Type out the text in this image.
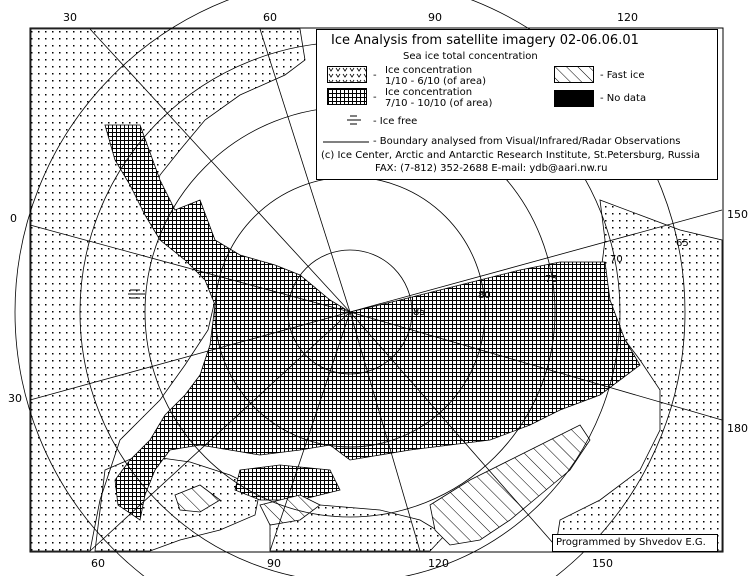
30	60	90	120
60	90	120	150
0
30
150
180
85
80
75
70
65
Ice Analysis from satellite imagery 02-06.06.01
Sea ice total concentration
- Ice concentration
1/10 - 6/10 (of area)
- Ice concentration
7/10 - 10/10 (of area)
- Fast ice
- No data
- Ice free
- Boundary analysed from Visual/Infrared/Radar Observations
(c) Ice Center, Arctic and Antarctic Research Institute, St.Petersburg, Russia
FAX: (7-812) 352-2688 E-mail: ydb@aari.nw.ru
Programmed by Shvedov E.G.
